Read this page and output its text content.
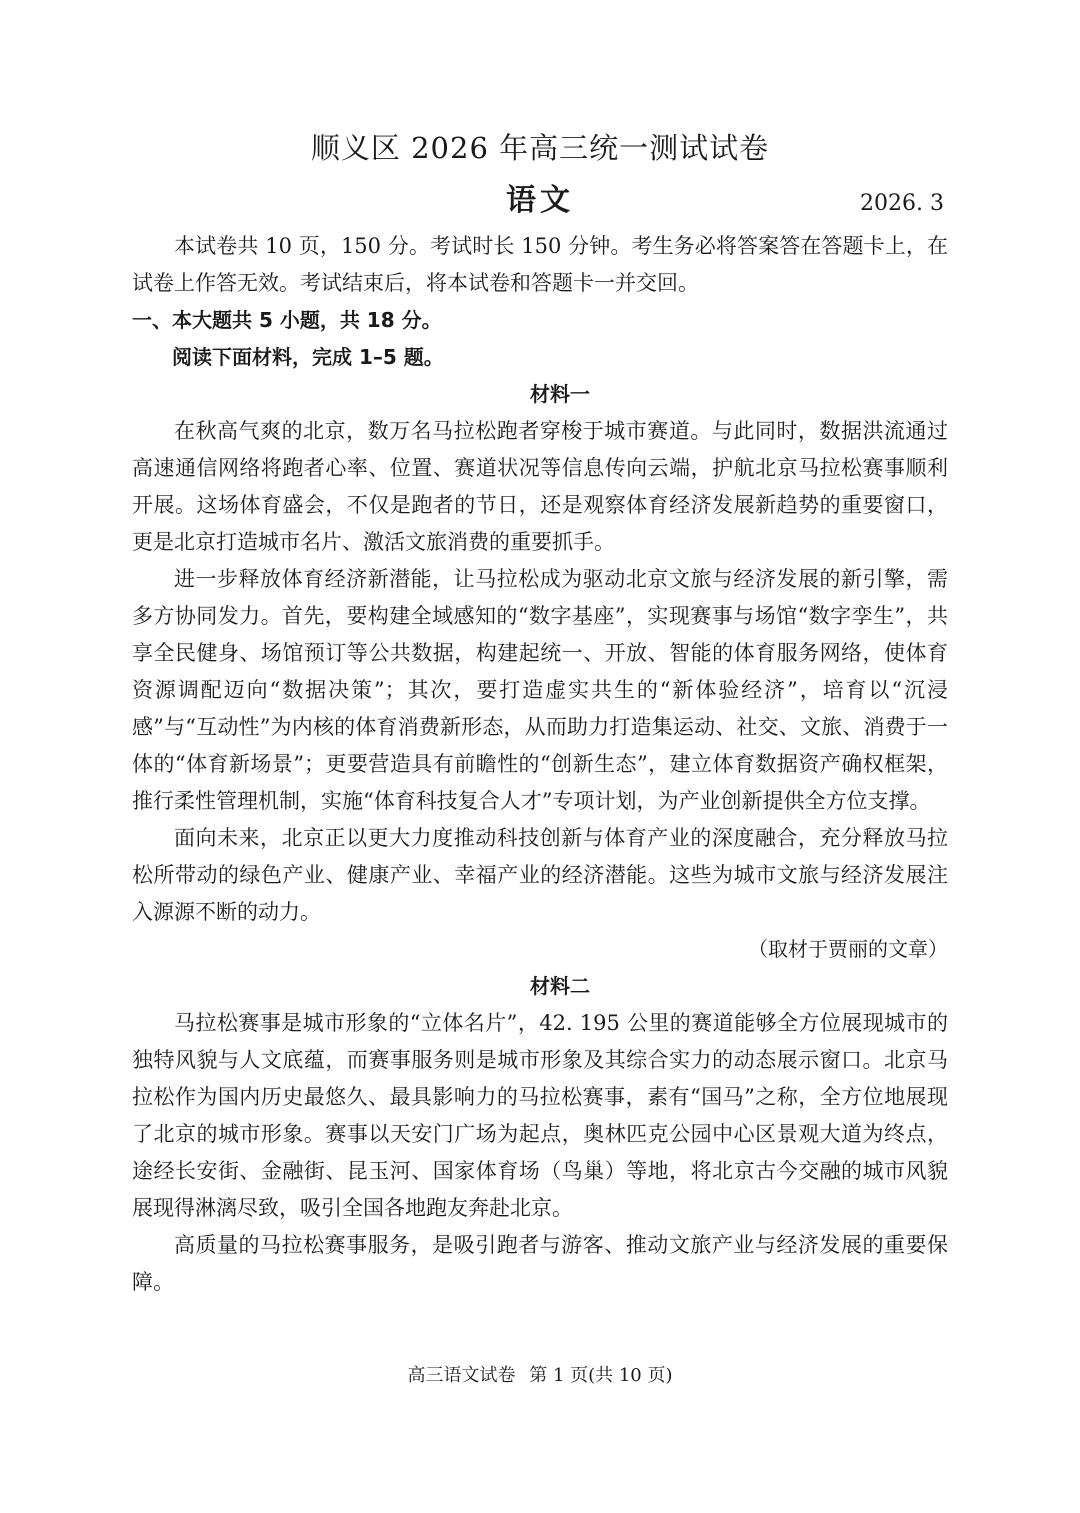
顺义区 2026 年高三统一测试试卷
语文	2026. 3

本试卷共 10 页，150 分。考试时长 150 分钟。考生务必将答案答在答题卡上，在试卷上作答无效。考试结束后，将本试卷和答题卡一并交回。

一、本大题共 5 小题，共 18 分。

阅读下面材料，完成 1–5 题。

材料一

在秋高气爽的北京，数万名马拉松跑者穿梭于城市赛道。与此同时，数据洪流通过高速通信网络将跑者心率、位置、赛道状况等信息传向云端，护航北京马拉松赛事顺利开展。这场体育盛会，不仅是跑者的节日，还是观察体育经济发展新趋势的重要窗口，更是北京打造城市名片、激活文旅消费的重要抓手。

进一步释放体育经济新潜能，让马拉松成为驱动北京文旅与经济发展的新引擎，需多方协同发力。首先，要构建全域感知的“数字基座”，实现赛事与场馆“数字孪生”，共享全民健身、场馆预订等公共数据，构建起统一、开放、智能的体育服务网络，使体育资源调配迈向“数据决策”；其次，要打造虚实共生的“新体验经济”，培育以“沉浸感”与“互动性”为内核的体育消费新形态，从而助力打造集运动、社交、文旅、消费于一体的“体育新场景”；更要营造具有前瞻性的“创新生态”，建立体育数据资产确权框架，推行柔性管理机制，实施“体育科技复合人才”专项计划，为产业创新提供全方位支撑。

面向未来，北京正以更大力度推动科技创新与体育产业的深度融合，充分释放马拉松所带动的绿色产业、健康产业、幸福产业的经济潜能。这些为城市文旅与经济发展注入源源不断的动力。

（取材于贾丽的文章）

材料二

马拉松赛事是城市形象的“立体名片”，42. 195 公里的赛道能够全方位展现城市的独特风貌与人文底蕴，而赛事服务则是城市形象及其综合实力的动态展示窗口。北京马拉松作为国内历史最悠久、最具影响力的马拉松赛事，素有“国马”之称，全方位地展现了北京的城市形象。赛事以天安门广场为起点，奥林匹克公园中心区景观大道为终点，途经长安街、金融街、昆玉河、国家体育场（鸟巢）等地，将北京古今交融的城市风貌展现得淋漓尽致，吸引全国各地跑友奔赴北京。

高质量的马拉松赛事服务，是吸引跑者与游客、推动文旅产业与经济发展的重要保障。

高三语文试卷 第 1 页(共 10 页)
